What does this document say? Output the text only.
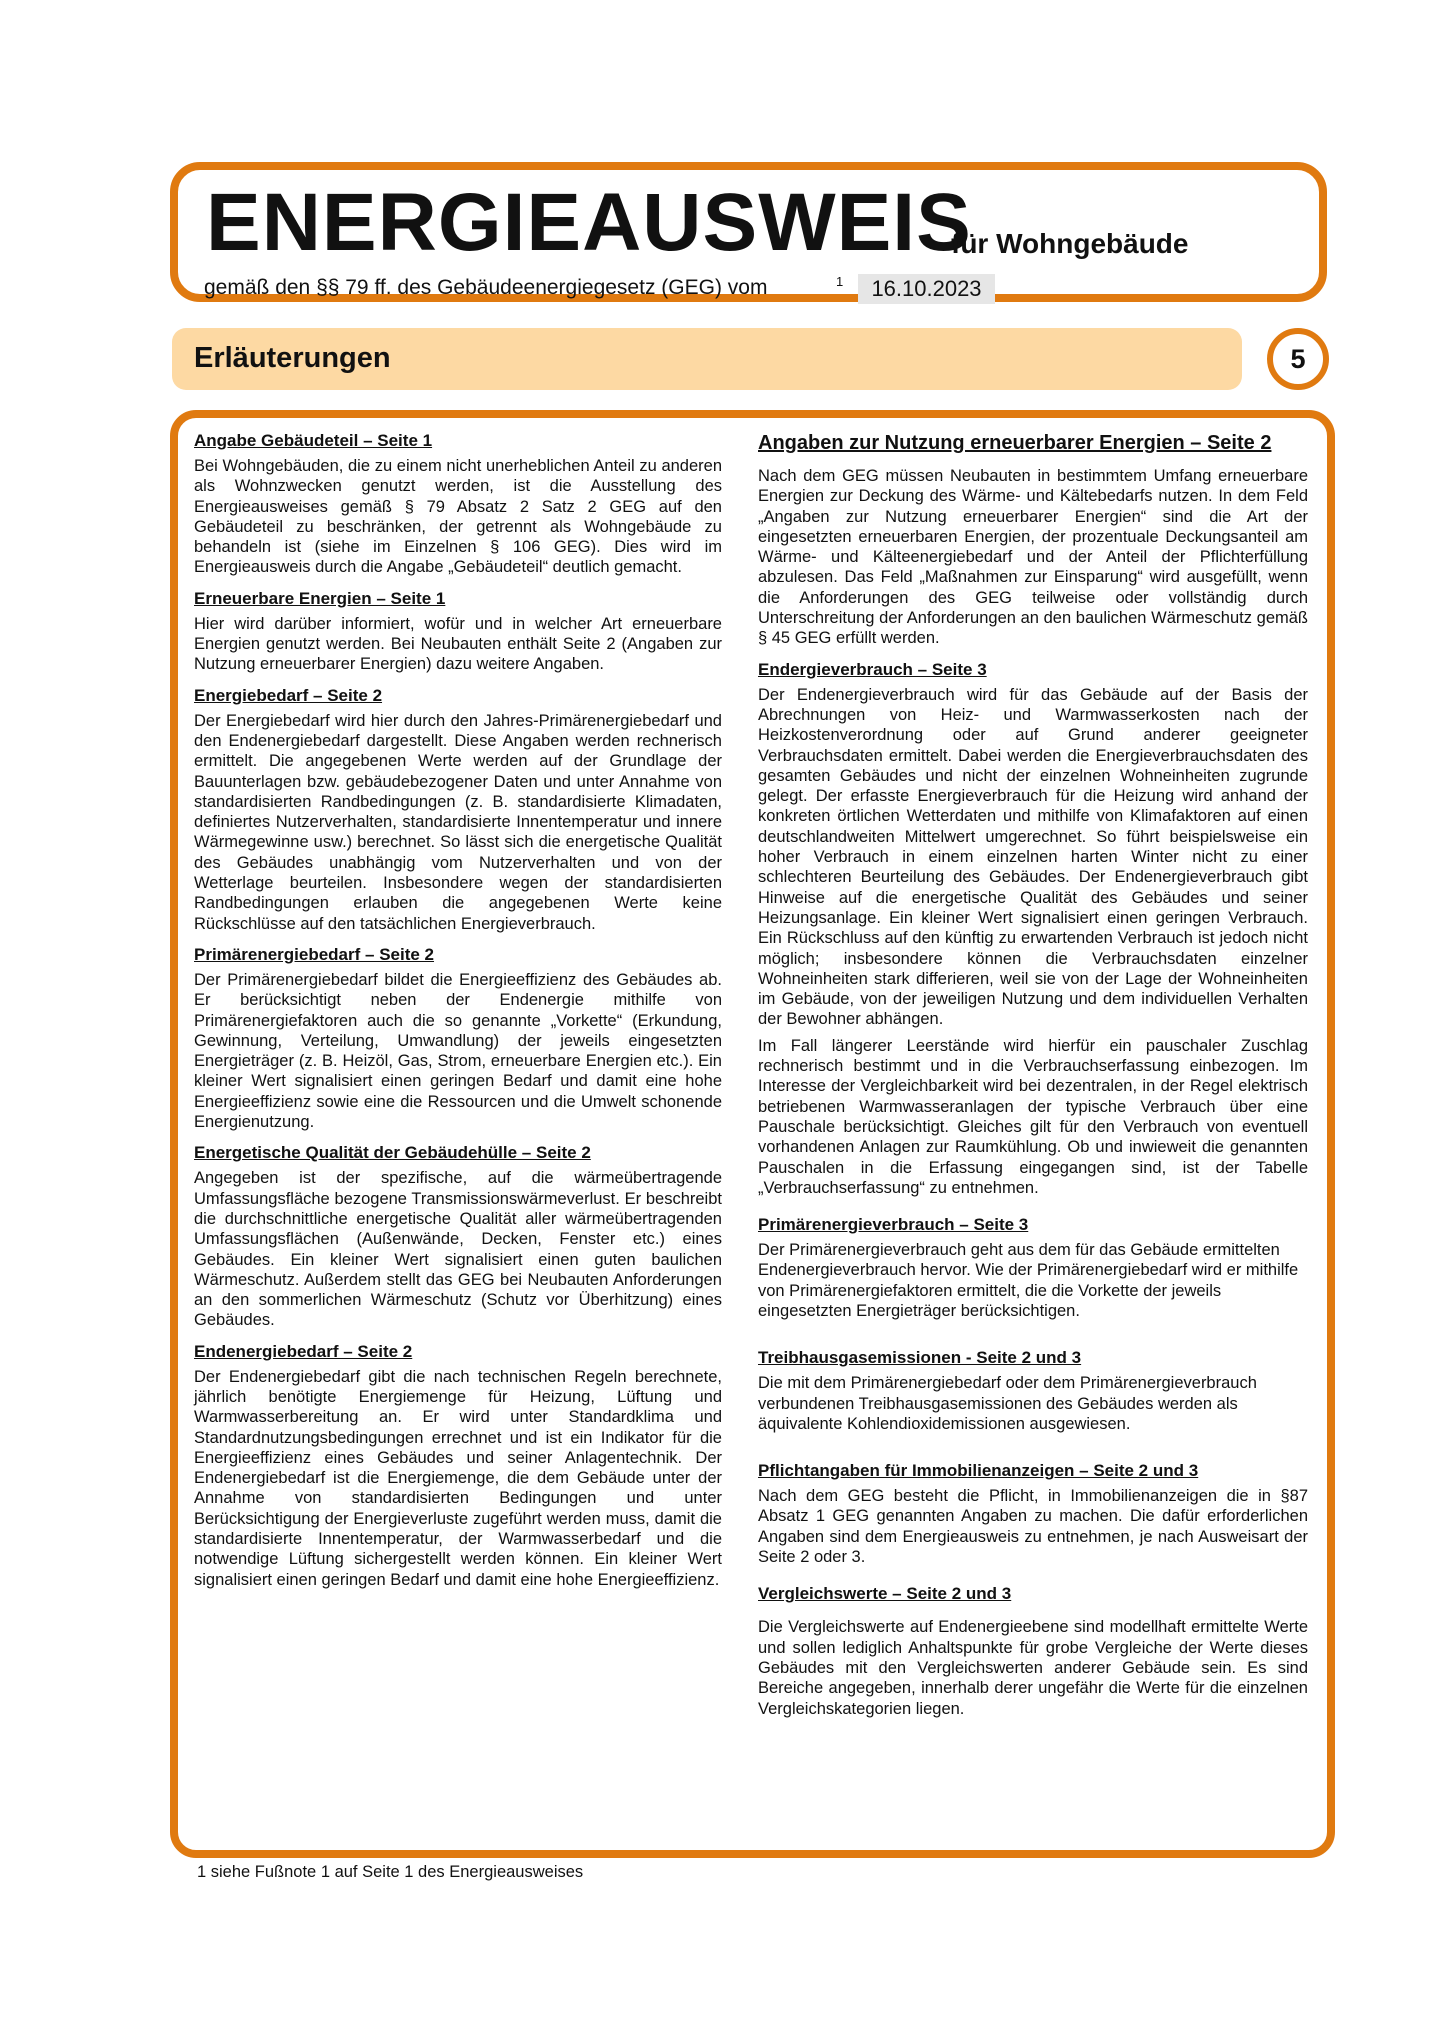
ENERGIEAUSWEIS
für Wohngebäude
gemäß den §§ 79 ff. des Gebäudeenergiegesetz (GEG) vom	1	16.10.2023
Erläuterungen	5
Angabe Gebäudeteil – Seite 1

Bei Wohngebäuden, die zu einem nicht unerheblichen Anteil zu anderen als Wohnzwecken genutzt werden, ist die Ausstellung des Energieausweises gemäß § 79 Absatz 2 Satz 2 GEG auf den Gebäudeteil zu beschränken, der getrennt als Wohngebäude zu behandeln ist (siehe im Einzelnen § 106 GEG). Dies wird im Energieausweis durch die Angabe „Gebäudeteil“ deutlich gemacht.

Erneuerbare Energien – Seite 1

Hier wird darüber informiert, wofür und in welcher Art erneuerbare Energien genutzt werden. Bei Neubauten enthält Seite 2 (Angaben zur Nutzung erneuerbarer Energien) dazu weitere Angaben.

Energiebedarf – Seite 2

Der Energiebedarf wird hier durch den Jahres-Primärenergiebedarf und den Endenergiebedarf dargestellt. Diese Angaben werden rechnerisch ermittelt. Die angegebenen Werte werden auf der Grundlage der Bauunterlagen bzw. gebäudebezogener Daten und unter Annahme von standardisierten Randbedingungen (z. B. standardisierte Klimadaten, definiertes Nutzerverhalten, standardisierte Innentemperatur und innere Wärmegewinne usw.) berechnet. So lässt sich die energetische Qualität des Gebäudes unabhängig vom Nutzerverhalten und von der Wetterlage beurteilen. Insbesondere wegen der standardisierten Randbedingungen erlauben die angegebenen Werte keine Rückschlüsse auf den tatsächlichen Energieverbrauch.

Primärenergiebedarf – Seite 2

Der Primärenergiebedarf bildet die Energieeffizienz des Gebäudes ab. Er berücksichtigt neben der Endenergie mithilfe von Primärenergiefaktoren auch die so genannte „Vorkette“ (Erkundung, Gewinnung, Verteilung, Umwandlung) der jeweils eingesetzten Energieträger (z. B. Heizöl, Gas, Strom, erneuerbare Energien etc.). Ein kleiner Wert signalisiert einen geringen Bedarf und damit eine hohe Energieeffizienz sowie eine die Ressourcen und die Umwelt schonende Energienutzung.

Energetische Qualität der Gebäudehülle – Seite 2

Angegeben ist der spezifische, auf die wärmeübertragende Umfassungsfläche bezogene Transmissionswärmeverlust. Er beschreibt die durchschnittliche energetische Qualität aller wärmeübertragenden Umfassungsflächen (Außenwände, Decken, Fenster etc.) eines Gebäudes. Ein kleiner Wert signalisiert einen guten baulichen Wärmeschutz. Außerdem stellt das GEG bei Neubauten Anforderungen an den sommerlichen Wärmeschutz (Schutz vor Überhitzung) eines Gebäudes.

Endenergiebedarf – Seite 2

Der Endenergiebedarf gibt die nach technischen Regeln berechnete, jährlich benötigte Energiemenge für Heizung, Lüftung und Warmwasserbereitung an. Er wird unter Standardklima und Standardnutzungsbedingungen errechnet und ist ein Indikator für die Energieeffizienz eines Gebäudes und seiner Anlagentechnik. Der Endenergiebedarf ist die Energiemenge, die dem Gebäude unter der Annahme von standardisierten Bedingungen und unter Berücksichtigung der Energieverluste zugeführt werden muss, damit die standardisierte Innentemperatur, der Warmwasserbedarf und die notwendige Lüftung sichergestellt werden können. Ein kleiner Wert signalisiert einen geringen Bedarf und damit eine hohe Energieeffizienz.

Angaben zur Nutzung erneuerbarer Energien – Seite 2

Nach dem GEG müssen Neubauten in bestimmtem Umfang erneuerbare Energien zur Deckung des Wärme- und Kältebedarfs nutzen. In dem Feld „Angaben zur Nutzung erneuerbarer Energien“ sind die Art der eingesetzten erneuerbaren Energien, der prozentuale Deckungsanteil am Wärme- und Kälteenergiebedarf und der Anteil der Pflichterfüllung abzulesen. Das Feld „Maßnahmen zur Einsparung“ wird ausgefüllt, wenn die Anforderungen des GEG teilweise oder vollständig durch Unterschreitung der Anforderungen an den baulichen Wärmeschutz gemäß § 45 GEG erfüllt werden.

Endergieverbrauch – Seite 3

Der Endenergieverbrauch wird für das Gebäude auf der Basis der Abrechnungen von Heiz- und Warmwasserkosten nach der Heizkostenverordnung oder auf Grund anderer geeigneter Verbrauchsdaten ermittelt. Dabei werden die Energieverbrauchsdaten des gesamten Gebäudes und nicht der einzelnen Wohneinheiten zugrunde gelegt. Der erfasste Energieverbrauch für die Heizung wird anhand der konkreten örtlichen Wetterdaten und mithilfe von Klimafaktoren auf einen deutschlandweiten Mittelwert umgerechnet. So führt beispielsweise ein hoher Verbrauch in einem einzelnen harten Winter nicht zu einer schlechteren Beurteilung des Gebäudes. Der Endenergieverbrauch gibt Hinweise auf die energetische Qualität des Gebäudes und seiner Heizungsanlage. Ein kleiner Wert signalisiert einen geringen Verbrauch. Ein Rückschluss auf den künftig zu erwartenden Verbrauch ist jedoch nicht möglich; insbesondere können die Verbrauchsdaten einzelner Wohneinheiten stark differieren, weil sie von der Lage der Wohneinheiten im Gebäude, von der jeweiligen Nutzung und dem individuellen Verhalten der Bewohner abhängen.

Im Fall längerer Leerstände wird hierfür ein pauschaler Zuschlag rechnerisch bestimmt und in die Verbrauchserfassung einbezogen. Im Interesse der Vergleichbarkeit wird bei dezentralen, in der Regel elektrisch betriebenen Warmwasseranlagen der typische Verbrauch über eine Pauschale berücksichtigt. Gleiches gilt für den Verbrauch von eventuell vorhandenen Anlagen zur Raumkühlung. Ob und inwieweit die genannten Pauschalen in die Erfassung eingegangen sind, ist der Tabelle „Verbrauchserfassung“ zu entnehmen.

Primärenergieverbrauch – Seite 3

Der Primärenergieverbrauch geht aus dem für das Gebäude ermittelten Endenergieverbrauch hervor. Wie der Primärenergiebedarf wird er mithilfe von Primärenergiefaktoren ermittelt, die die Vorkette der jeweils eingesetzten Energieträger berücksichtigen.

Treibhausgasemissionen - Seite 2 und 3

Die mit dem Primärenergiebedarf oder dem Primärenergieverbrauch verbundenen Treibhausgasemissionen des Gebäudes werden als äquivalente Kohlendioxidemissionen ausgewiesen.

Pflichtangaben für Immobilienanzeigen – Seite 2 und 3

Nach dem GEG besteht die Pflicht, in Immobilienanzeigen die in §87 Absatz 1 GEG genannten Angaben zu machen. Die dafür erforderlichen Angaben sind dem Energieausweis zu entnehmen, je nach Ausweisart der Seite 2 oder 3.

Vergleichswerte – Seite 2 und 3

Die Vergleichswerte auf Endenergieebene sind modellhaft ermittelte Werte und sollen lediglich Anhaltspunkte für grobe Vergleiche der Werte dieses Gebäudes mit den Vergleichswerten anderer Gebäude sein. Es sind Bereiche angegeben, innerhalb derer ungefähr die Werte für die einzelnen Vergleichskategorien liegen.

1 siehe Fußnote 1 auf Seite 1 des Energieausweises
